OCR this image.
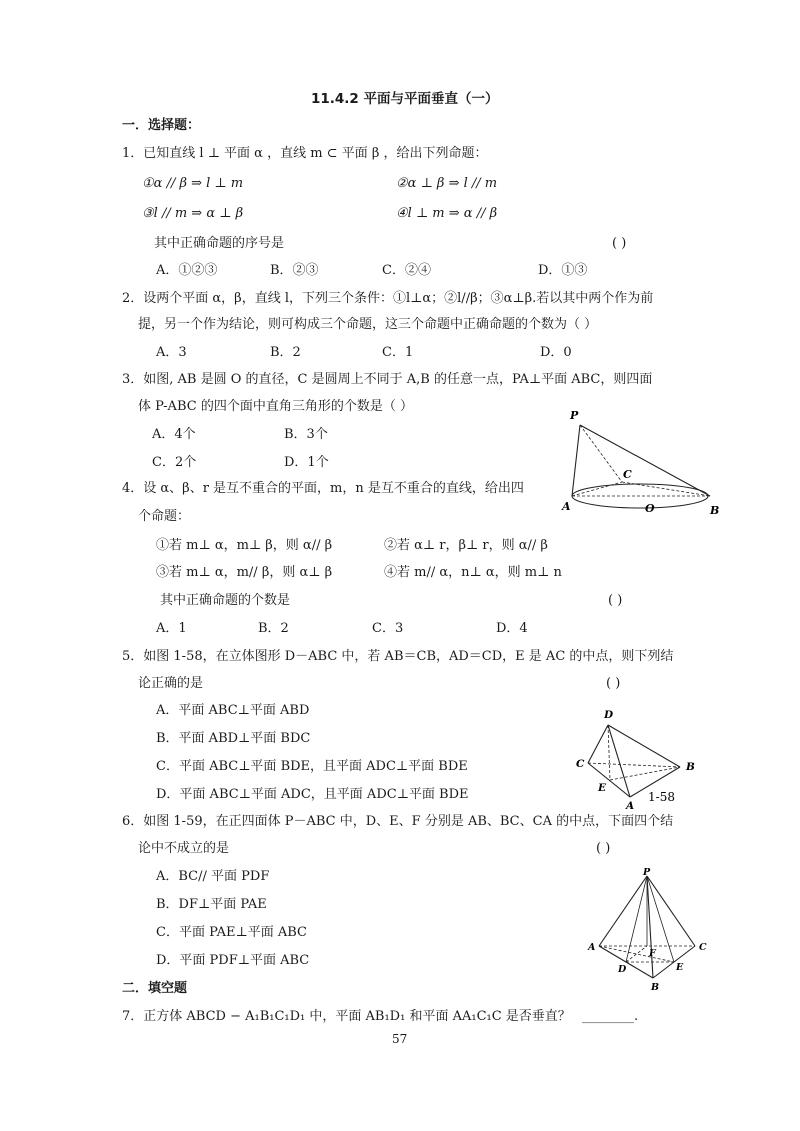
11.4.2 平面与平面垂直（一）
一．选择题：
1．已知直线 l ⊥ 平面 α ，直线 m ⊂ 平面 β ，给出下列命题：
①α // β ⇒ l ⊥ m	②α ⊥ β ⇒ l // m
③l // m ⇒ α ⊥ β	④l ⊥ m ⇒ α // β
其中正确命题的序号是	( )
A．①②③	B．②③	C．②④	D．①③
2．设两个平面 α，β，直线 l，下列三个条件：①l⊥α；②l//β；③α⊥β.若以其中两个作为前
提，另一个作为结论，则可构成三个命题，这三个命题中正确命题的个数为（ ）
A．3	B．2	C．1	D．0
3．如图, AB 是圆 O 的直径，C 是圆周上不同于 A,B 的任意一点，PA⊥平面 ABC，则四面
体 P-ABC 的四个面中直角三角形的个数是（ ）
A．4个	B．3个
C．2个	D．1个
P
A	B
C
O
4．设 α、β、r 是互不重合的平面，m，n 是互不重合的直线，给出四
个命题：
①若 m⊥ α，m⊥ β，则 α// β	②若 α⊥ r，β⊥ r，则 α// β
③若 m⊥ α，m// β，则 α⊥ β	④若 m// α，n⊥ α，则 m⊥ n
其中正确命题的个数是	( )
A．1	B．2	C．3	D．4
5．如图 1-58，在立体图形 D－ABC 中，若 AB＝CB，AD＝CD，E 是 AC 的中点，则下列结
论正确的是	( )
A．平面 ABC⊥平面 ABD
B．平面 ABD⊥平面 BDC
C．平面 ABC⊥平面 BDE，且平面 ADC⊥平面 BDE
D．平面 ABC⊥平面 ADC，且平面 ADC⊥平面 BDE
D
C	B
E
A
1-58
6．如图 1-59，在正四面体 P－ABC 中，D、E、F 分别是 AB、BC、CA 的中点，下面四个结
论中不成立的是	( )
A．BC// 平面 PDF
B．DF⊥平面 PAE
C．平面 PAE⊥平面 ABC
D．平面 PDF⊥平面 ABC
P
A	C
B
D	E
F
二．填空题
7．正方体 ABCD − A₁B₁C₁D₁ 中，平面 AB₁D₁ 和平面 AA₁C₁C 是否垂直？ ________.
57
